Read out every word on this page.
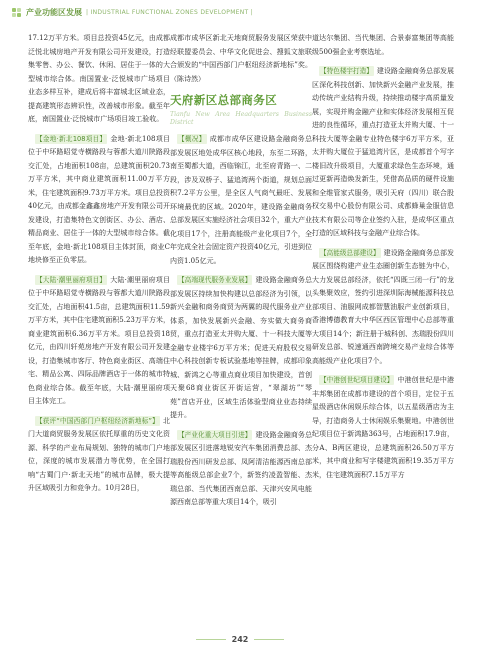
产业功能区发展 | INDUSTRIAL FUNCTIONAL ZONES DEVELOPMENT |

17.12万平方米。项目总投资45亿元，由成都泛悦北城房地产开发有限公司开发建设，打造集零售、办公、餐饮、休闲、居住于一体的大型城市综合体。南国置业·泛悦城市广场项目业态多样互补，建成后将丰富城北区域业态，提高建筑形态辨识性，改善城市形象。截至年底，南国置业·泛悦城市广场项目竣工验收。

【金地·新北108项目】 金地·新北108项目位于中环路昭觉寺横路段与蓉都大道川陕路段交汇处，占地面积108亩，总建筑面积20.73万平方米，其中商业建筑面积11.00万平方米，住宅建筑面积9.73万平方米。项目总投资40亿元，由成都金鑫鑫房地产开发有限公司开发建设，打造集特色文创街区、办公、酒店、精品商业、居住于一体的大型城市综合体。截至年底，金地·新北108项目主体封顶，商业C地块修至正负零层。

【大陆·潮里丽府项目】 大陆·潮里丽府项目位于中环路昭觉寺横路段与蓉都大道川陕路段交汇处，占地面积41.5亩，总建筑面积11.59万平方米，其中住宅建筑面积5.23万平方米，商业建筑面积6.36万平方米。项目总投资18亿元，由四川轩苑房地产开发有限公司开发建设，打造集城市客厅、特色商业街区、高端住宅、精品公寓、四际品牌酒店于一体的城市特色商业综合体。截至年底，大陆·潮里丽府项目主体完工。

【获评“中国西部门户枢纽经济新地标”】 北门大道商贸服务发展区依托厚重的历史文化资源、科学的产业布局规划、独特的城市门户地位，深度的城市发展潜力等优势，在全国打响“古蜀门户·新北天地”的城市品牌，极大提升区域吸引力和竞争力。10月28日，

成都市成华区新北天地商贸服务发展区荣获中经联盟委员会、中华文化促进会、搜狐文旅联合颁发的“中国西部门户枢纽经济新地标”奖。（陈诗然）

天府新区总部商务区
Tianfu New Area Headquarters Business District

【概况】 成都市成华区建设路金融商务总部发展区地处成华区核心地段，东至二环路，南至蜀都大道，西临锦江，北至府青路一、二段，涉及双桥子、猛追湾两个街道，规划总面积7.2平方公里，是全区人气商气最旺、发展环境最优的区域。2020年，建设路金融商务总部发展区实施经济社会项目32个，重大产业化项目17个，注册高能级产业化项目7个，全年完成全社会固定资产投资40亿元，引进到位内资1.05亿元。

【高端现代服务业发展】 建设路金融商务总部发展区持续加快构建以总部经济为引领，以新兴金融和商务商贸为两翼的现代服务业产业体系，加快发展新兴金融、夯实做大商务商贸，重点打造亚太并购大厦、十一科技大厦等金融专业楼宇6万平方米；促进天府股权交易中心科技创新专板试验基地等挂牌，成都印象城、新鸿之心等重点商业项目加快建设，首创天聚68商业街区开街运营，“翠湖坊”“琴苑”首店开业，区域生活体验型商业业态持续提升。

【产业化重大项目引进】 建设路金融商务总部发展区引进落地锐安汽车集团消费总部、杰瑞股份西川研发总部、凤阿清洁能源西南总部等高能级总部企业7个，新签约凌盈智能、杰瑞总部、当代集团西南总部、天津兴安风电能源西南总部等重大项目14个，吸引

道达尔集团、当代集团、合景泰富集团等高能级500强企业考察选址。

【特色楼宇打造】 建设路金融商务总部发展区深化科技创新、加快新兴金融产业发展，推动传统产业结构升级，持续推动楼宇高质量发展，实现并购金融产业和实体经济发展相互促进的良性循环，重点打造亚太并购大厦、十一科技大厦等金融专业特色楼宇6万平方米，亚太并购大厦位于猛追湾片区，是成都首个写字楼旧改升级项目，大厦重求绿色生态环境，通过更新再造焕发新生，凭借高品质的硬件设施和全维管家式服务，吸引天府（四川）联合股权交易中心股份有限公司、成都蜂巢金服信息技术有限公司等企业签约入驻，是成华区重点打造的区域科技与金融产业综合体。

【高能级总部建设】 建设路金融商务总部发展区围绕构建产业生态圈创新生态链为中心，大力发展总部经济，依托“四既三闭一行”的龙头集聚效应，签约引进深圳际海械能源科技总部项目、油服网成都智慧油服产业创新项目，香港博德教育大中华区西区管理中心总部等重大项目14个；新注册于城科创、杰瑞股份四川研发总部、锐速通西南跨境交易产业综合体等高能级产业化项目7个。

【中港创世纪项目建设】 中港创世纪是中港丰邦集团在成都市建设的首个项目，定位于五星级酒店休闲娱乐综合体，以五星级酒店为主导，打造商务人士休闲娱乐集聚地。中港创世纪项目位于新鸿路363号，占地面积17.9亩，分A、B两区建设，总建筑面积26.50万平方米，其中商业和写字楼建筑面积19.35万平方米，住宅建筑面积7.15万平方

242
